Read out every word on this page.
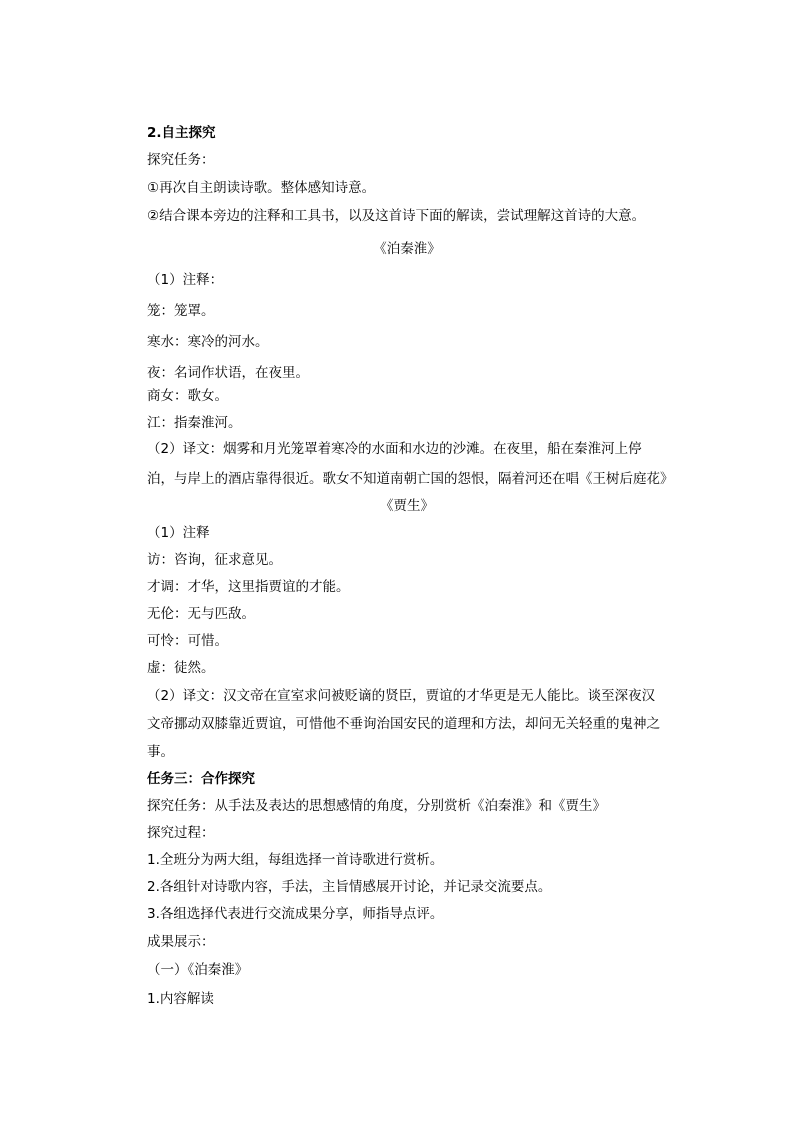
2.自主探究
探究任务：
①再次自主朗读诗歌。整体感知诗意。
②结合课本旁边的注释和工具书，以及这首诗下面的解读，尝试理解这首诗的大意。
《泊秦淮》
（1）注释：
笼：笼罩。
寒水：寒冷的河水。
夜：名词作状语，在夜里。
商女：歌女。
江：指秦淮河。
（2）译文：烟雾和月光笼罩着寒冷的水面和水边的沙滩。在夜里，船在秦淮河上停
泊，与岸上的酒店靠得很近。歌女不知道南朝亡国的怨恨，隔着河还在唱《王树后庭花》
《贾生》
（1）注释
访：咨询，征求意见。
才调：才华，这里指贾谊的才能。
无伦：无与匹敌。
可怜：可惜。
虚：徒然。
（2）译文：汉文帝在宣室求问被贬谪的贤臣，贾谊的才华更是无人能比。谈至深夜汉
文帝挪动双膝靠近贾谊，可惜他不垂询治国安民的道理和方法，却问无关轻重的鬼神之
事。
任务三：合作探究
探究任务：从手法及表达的思想感情的角度，分别赏析《泊秦淮》和《贾生》
探究过程：
1.全班分为两大组，每组选择一首诗歌进行赏析。
2.各组针对诗歌内容，手法，主旨情感展开讨论，并记录交流要点。
3.各组选择代表进行交流成果分享，师指导点评。
成果展示：
（一）《泊秦淮》
1.内容解读
